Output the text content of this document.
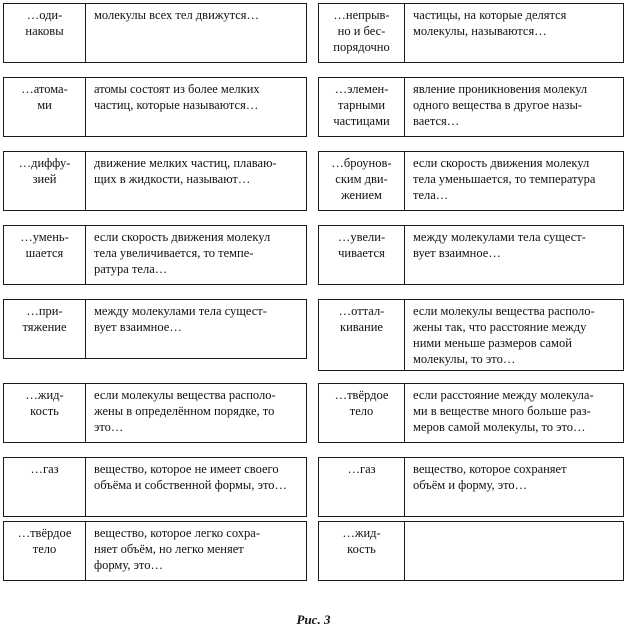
…оди-
наковы
молекулы всех тел движутся…
…атома-
ми
атомы состоят из более мелких
частиц, которые называются…
…диффу-
зией
движение мелких частиц, плаваю-
щих в жидкости, называют…
…умень-
шается
если скорость движения молекул
тела увеличивается, то темпе-
ратура тела…
…при-
тяжение
между молекулами тела сущест-
вует взаимное…
…жид-
кость
если молекулы вещества располо-
жены в определённом порядке, то
это…
…газ	вещество, которое не имеет своего
объёма и собственной формы, это…
…твёрдое
тело
вещество, которое легко сохра-
няет объём, но легко меняет
форму, это…
…непрыв-
но и бес-
порядочно
частицы, на которые делятся
молекулы, называются…
…элемен-
тарными
частицами
явление проникновения молекул
одного вещества в другое назы-
вается…
…броунов-
ским дви-
жением
если скорость движения молекул
тела уменьшается, то температура
тела…
…увели-
чивается
между молекулами тела сущест-
вует взаимное…
…оттал-
кивание
если молекулы вещества располо-
жены так, что расстояние между
ними меньше размеров самой
молекулы, то это…
…твёрдое
тело
если расстояние между молекула-
ми в веществе много больше раз-
меров самой молекулы, то это…
…газ	вещество, которое сохраняет
объём и форму, это…
…жид-
кость
Рис. 3
